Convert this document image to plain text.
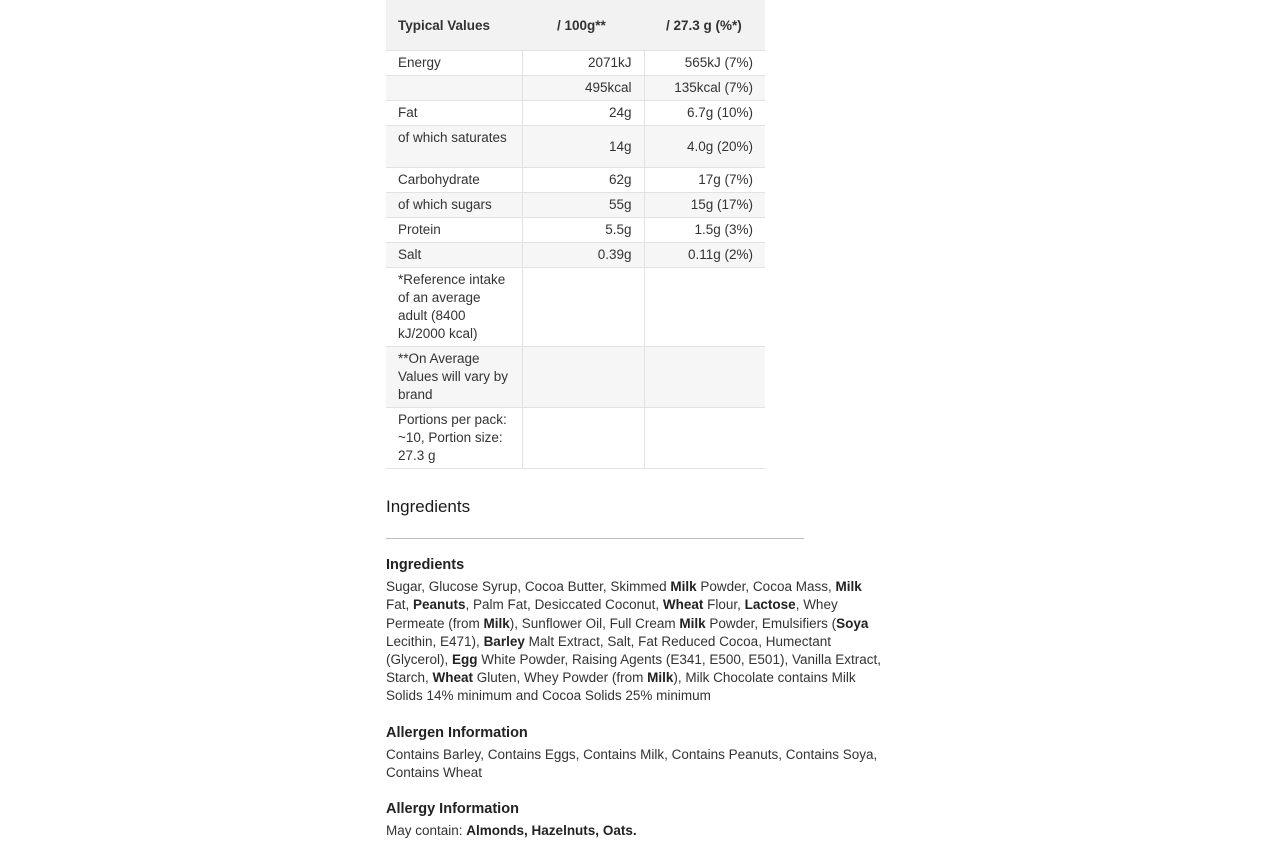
Typical Values	/ 100g**	/ 27.3 g (%*)
Energy	2071kJ	565kJ (7%)
	495kcal	135kcal (7%)
Fat	24g	6.7g (10%)
of which saturates	14g	4.0g (20%)
Carbohydrate	62g	17g (7%)
of which sugars	55g	15g (17%)
Protein	5.5g	1.5g (3%)
Salt	0.39g	0.11g (2%)
*Reference intake of an average adult (8400 kJ/2000 kcal)		
**On Average Values will vary by brand		
Portions per pack: ~10, Portion size: 27.3 g		
Ingredients
Ingredients

Sugar, Glucose Syrup, Cocoa Butter, Skimmed Milk Powder, Cocoa Mass, Milk Fat, Peanuts, Palm Fat, Desiccated Coconut, Wheat Flour, Lactose, Whey Permeate (from Milk), Sunflower Oil, Full Cream Milk Powder, Emulsifiers (Soya Lecithin, E471), Barley Malt Extract, Salt, Fat Reduced Cocoa, Humectant (Glycerol), Egg White Powder, Raising Agents (E341, E500, E501), Vanilla Extract, Starch, Wheat Gluten, Whey Powder (from Milk), Milk Chocolate contains Milk Solids 14% minimum and Cocoa Solids 25% minimum

Allergen Information

Contains Barley, Contains Eggs, Contains Milk, Contains Peanuts, Contains Soya, Contains Wheat

Allergy Information

May contain: Almonds, Hazelnuts, Oats.
